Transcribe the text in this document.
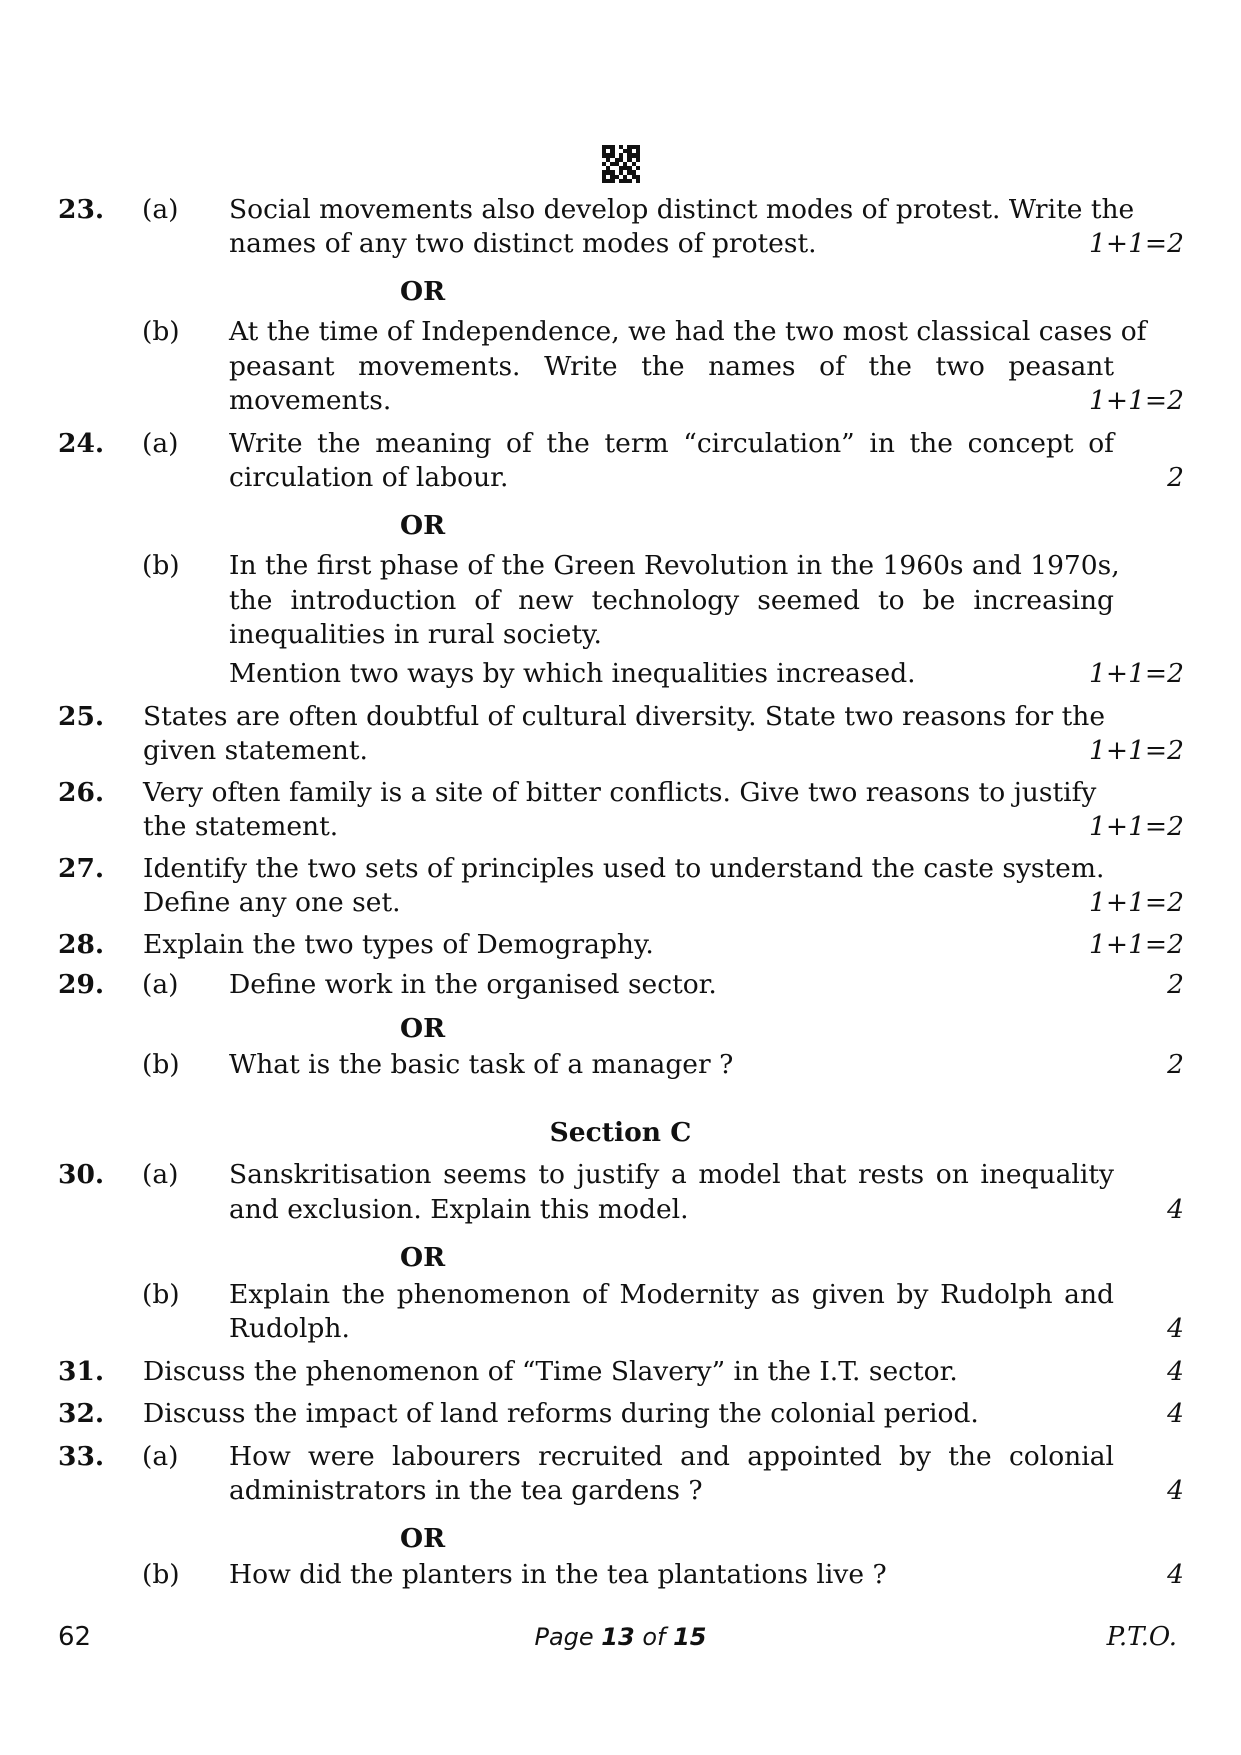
23. (a) Social movements also develop distinct modes of protest. Write the
names of any two distinct modes of protest.	1+1=2
OR
(b) At the time of Independence, we had the two most classical cases of
peasant movements. Write the names of the two peasant
movements.	1+1=2
24. (a) Write the meaning of the term “circulation” in the concept of
circulation of labour.	2
OR
(b) In the first phase of the Green Revolution in the 1960s and 1970s,
the introduction of new technology seemed to be increasing
inequalities in rural society.
Mention two ways by which inequalities increased.	1+1=2
25. States are often doubtful of cultural diversity. State two reasons for the
given statement.	1+1=2
26. Very often family is a site of bitter conflicts. Give two reasons to justify
the statement.	1+1=2
27. Identify the two sets of principles used to understand the caste system.
Define any one set.	1+1=2
28. Explain the two types of Demography.	1+1=2
29. (a) Define work in the organised sector.	2
OR
(b) What is the basic task of a manager ?	2
Section C
30. (a) Sanskritisation seems to justify a model that rests on inequality
and exclusion. Explain this model.	4
OR
(b) Explain the phenomenon of Modernity as given by Rudolph and
Rudolph.	4
31. Discuss the phenomenon of “Time Slavery” in the I.T. sector.	4
32. Discuss the impact of land reforms during the colonial period.	4
33. (a) How were labourers recruited and appointed by the colonial
administrators in the tea gardens ?	4
OR
(b) How did the planters in the tea plantations live ?	4
62	Page 13 of 15	P.T.O.
